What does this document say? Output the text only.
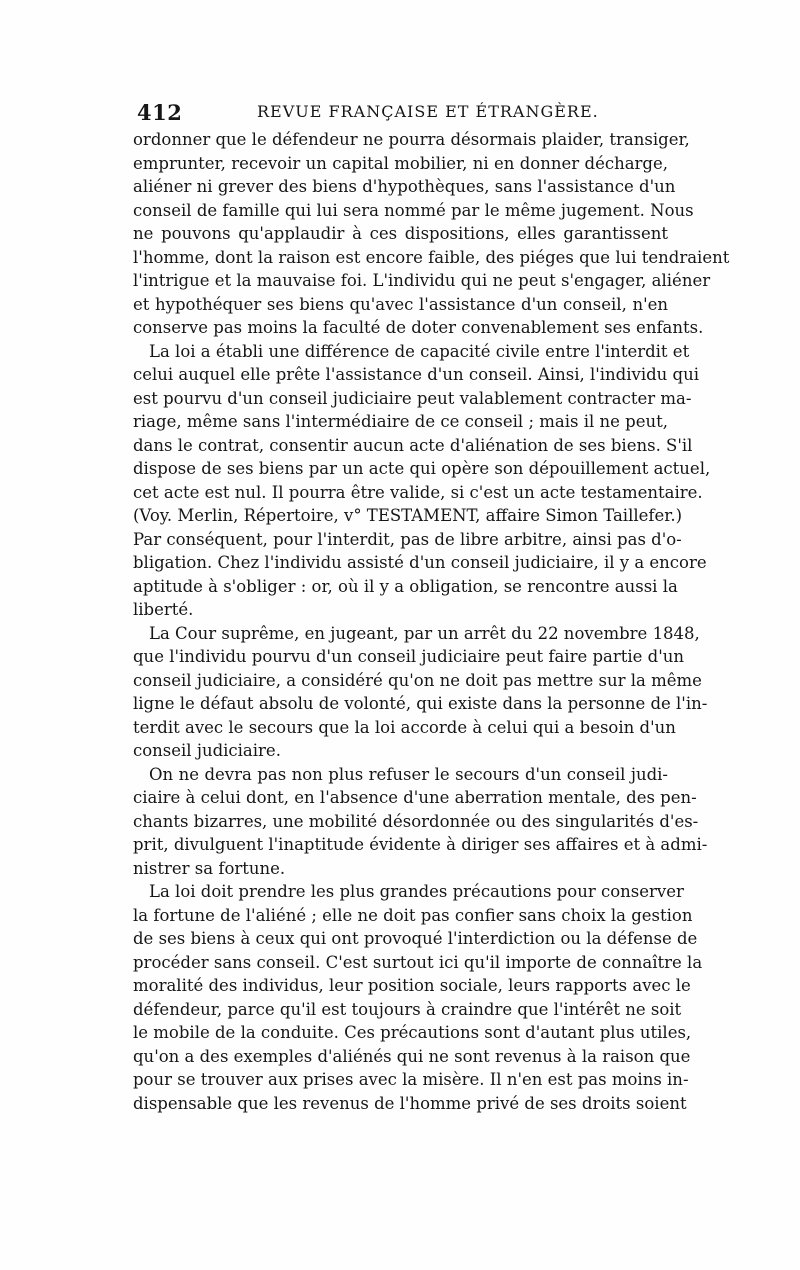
412	REVUE FRANÇAISE ET ÉTRANGÈRE.
ordonner que le défendeur ne pourra désormais plaider, transiger,
emprunter, recevoir un capital mobilier, ni en donner décharge,
aliéner ni grever des biens d'hypothèques, sans l'assistance d'un
conseil de famille qui lui sera nommé par le même jugement. Nous
ne pouvons qu'applaudir à ces dispositions, elles garantissent
l'homme, dont la raison est encore faible, des piéges que lui tendraient
l'intrigue et la mauvaise foi. L'individu qui ne peut s'engager, aliéner
et hypothéquer ses biens qu'avec l'assistance d'un conseil, n'en
conserve pas moins la faculté de doter convenablement ses enfants.
La loi a établi une différence de capacité civile entre l'interdit et
celui auquel elle prête l'assistance d'un conseil. Ainsi, l'individu qui
est pourvu d'un conseil judiciaire peut valablement contracter ma-
riage, même sans l'intermédiaire de ce conseil ; mais il ne peut,
dans le contrat, consentir aucun acte d'aliénation de ses biens. S'il
dispose de ses biens par un acte qui opère son dépouillement actuel,
cet acte est nul. Il pourra être valide, si c'est un acte testamentaire.
(Voy. Merlin, Répertoire, v° TESTAMENT, affaire Simon Taillefer.)
Par conséquent, pour l'interdit, pas de libre arbitre, ainsi pas d'o-
bligation. Chez l'individu assisté d'un conseil judiciaire, il y a encore
aptitude à s'obliger : or, où il y a obligation, se rencontre aussi la
liberté.
La Cour suprême, en jugeant, par un arrêt du 22 novembre 1848,
que l'individu pourvu d'un conseil judiciaire peut faire partie d'un
conseil judiciaire, a considéré qu'on ne doit pas mettre sur la même
ligne le défaut absolu de volonté, qui existe dans la personne de l'in-
terdit avec le secours que la loi accorde à celui qui a besoin d'un
conseil judiciaire.
On ne devra pas non plus refuser le secours d'un conseil judi-
ciaire à celui dont, en l'absence d'une aberration mentale, des pen-
chants bizarres, une mobilité désordonnée ou des singularités d'es-
prit, divulguent l'inaptitude évidente à diriger ses affaires et à admi-
nistrer sa fortune.
La loi doit prendre les plus grandes précautions pour conserver
la fortune de l'aliéné ; elle ne doit pas confier sans choix la gestion
de ses biens à ceux qui ont provoqué l'interdiction ou la défense de
procéder sans conseil. C'est surtout ici qu'il importe de connaître la
moralité des individus, leur position sociale, leurs rapports avec le
défendeur, parce qu'il est toujours à craindre que l'intérêt ne soit
le mobile de la conduite. Ces précautions sont d'autant plus utiles,
qu'on a des exemples d'aliénés qui ne sont revenus à la raison que
pour se trouver aux prises avec la misère. Il n'en est pas moins in-
dispensable que les revenus de l'homme privé de ses droits soient
